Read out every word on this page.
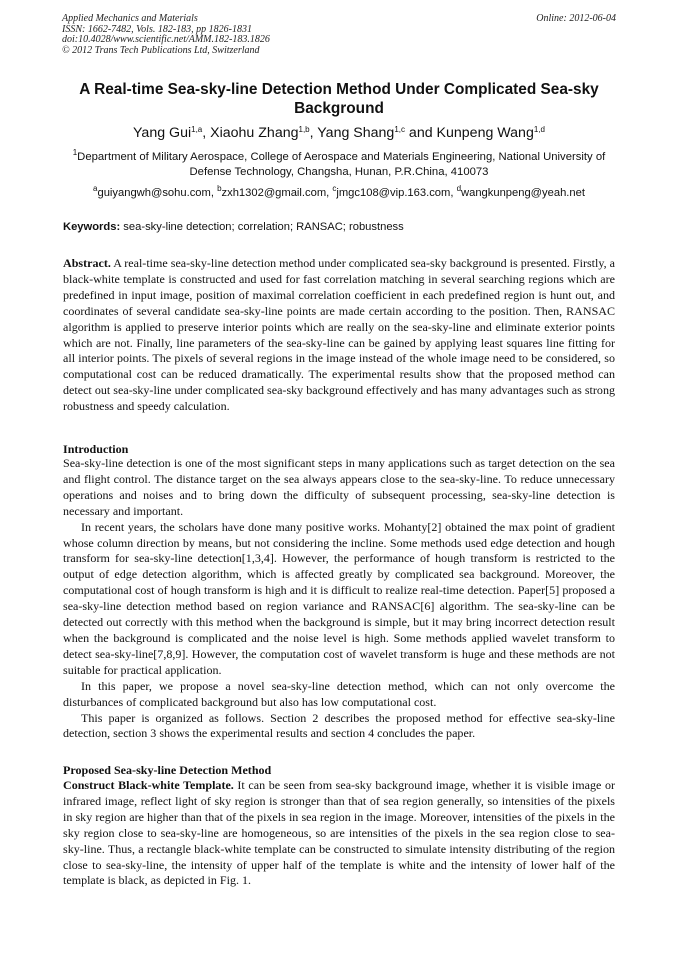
Applied Mechanics and Materials
ISSN: 1662-7482, Vols. 182-183, pp 1826-1831
doi:10.4028/www.scientific.net/AMM.182-183.1826
© 2012 Trans Tech Publications Ltd, Switzerland
Online: 2012-06-04
A Real-time Sea-sky-line Detection Method Under Complicated Sea-sky Background
Yang Gui$^{1,a}$, Xiaohu Zhang$^{1,b}$, Yang Shang$^{1,c}$ and Kunpeng Wang$^{1,d}$
$^1$Department of Military Aerospace, College of Aerospace and Materials Engineering, National University of Defense Technology, Changsha, Hunan, P.R.China, 410073
$^a$guiyangwh@sohu.com, $^b$zxh1302@gmail.com, $^c$jmgc108@vip.163.com, $^d$wangkunpeng@yeah.net
Keywords: sea-sky-line detection; correlation; RANSAC; robustness

Abstract. A real-time sea-sky-line detection method under complicated sea-sky background is presented. Firstly, a black-white template is constructed and used for fast correlation matching in several searching regions which are predefined in input image, position of maximal correlation coefficient in each predefined region is hunt out, and coordinates of several candidate sea-sky-line points are made certain according to the position. Then, RANSAC algorithm is applied to preserve interior points which are really on the sea-sky-line and eliminate exterior points which are not. Finally, line parameters of the sea-sky-line can be gained by applying least squares line fitting for all interior points. The pixels of several regions in the image instead of the whole image need to be considered, so computational cost can be reduced dramatically. The experimental results show that the proposed method can detect out sea-sky-line under complicated sea-sky background effectively and has many advantages such as strong robustness and speedy calculation.

Introduction

Sea-sky-line detection is one of the most significant steps in many applications such as target detection on the sea and flight control. The distance target on the sea always appears close to the sea-sky-line. To reduce unnecessary operations and noises and to bring down the difficulty of subsequent processing, sea-sky-line detection is necessary and important.

In recent years, the scholars have done many positive works. Mohanty[2] obtained the max point of gradient whose column direction by means, but not considering the incline. Some methods used edge detection and hough transform for sea-sky-line detection[1,3,4]. However, the performance of hough transform is restricted to the output of edge detection algorithm, which is affected greatly by complicated sea background. Moreover, the computational cost of hough transform is high and it is difficult to realize real-time detection. Paper[5] proposed a sea-sky-line detection method based on region variance and RANSAC[6] algorithm. The sea-sky-line can be detected out correctly with this method when the background is simple, but it may bring incorrect detection result when the background is complicated and the noise level is high. Some methods applied wavelet transform to detect sea-sky-line[7,8,9]. However, the computation cost of wavelet transform is huge and these methods are not suitable for practical application.

In this paper, we propose a novel sea-sky-line detection method, which can not only overcome the disturbances of complicated background but also has low computational cost.

This paper is organized as follows. Section 2 describes the proposed method for effective sea-sky-line detection, section 3 shows the experimental results and section 4 concludes the paper.

Proposed Sea-sky-line Detection Method

Construct Black-white Template. It can be seen from sea-sky background image, whether it is visible image or infrared image, reflect light of sky region is stronger than that of sea region generally, so intensities of the pixels in sky region are higher than that of the pixels in sea region in the image. Moreover, intensities of the pixels in the sky region close to sea-sky-line are homogeneous, so are intensities of the pixels in the sea region close to sea-sky-line. Thus, a rectangle black-white template can be constructed to simulate intensity distributing of the region close to sea-sky-line, the intensity of upper half of the template is white and the intensity of lower half of the template is black, as depicted in Fig. 1.
